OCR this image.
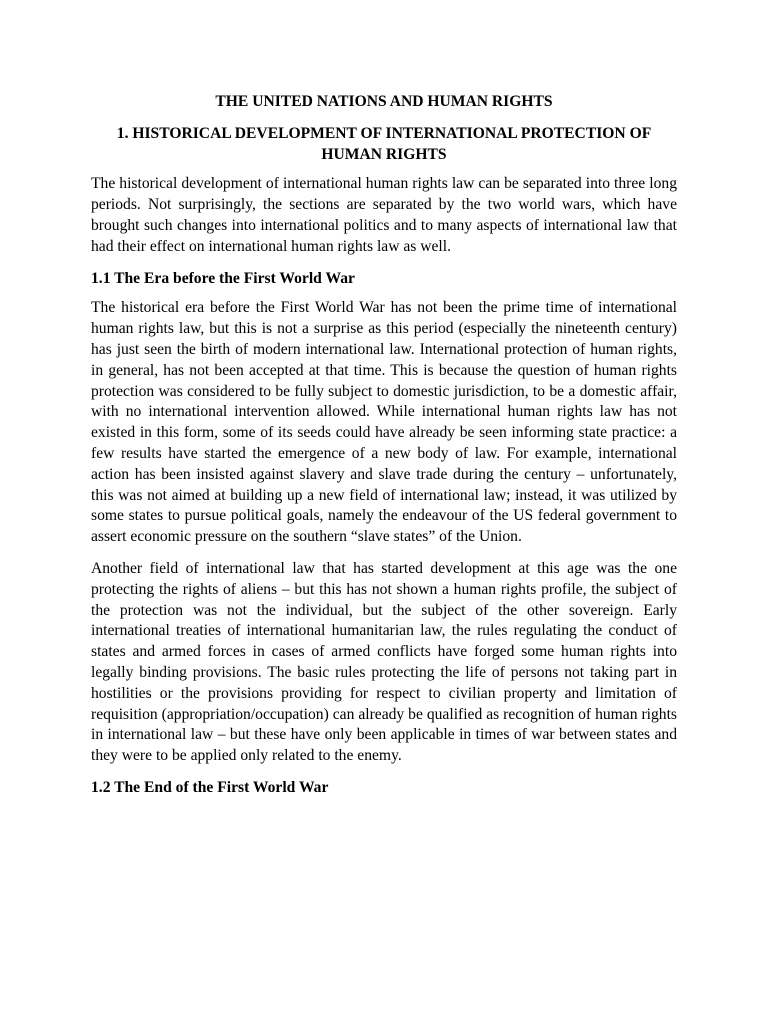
THE UNITED NATIONS AND HUMAN RIGHTS
1. HISTORICAL DEVELOPMENT OF INTERNATIONAL PROTECTION OF HUMAN RIGHTS

The historical development of international human rights law can be separated into three long periods. Not surprisingly, the sections are separated by the two world wars, which have brought such changes into international politics and to many aspects of international law that had their effect on international human rights law as well.

1.1 The Era before the First World War

The historical era before the First World War has not been the prime time of international human rights law, but this is not a surprise as this period (especially the nineteenth century) has just seen the birth of modern international law. International protection of human rights, in general, has not been accepted at that time. This is because the question of human rights protection was considered to be fully subject to domestic jurisdiction, to be a domestic affair, with no international intervention allowed. While international human rights law has not existed in this form, some of its seeds could have already be seen informing state practice: a few results have started the emergence of a new body of law. For example, international action has been insisted against slavery and slave trade during the century – unfortunately, this was not aimed at building up a new field of international law; instead, it was utilized by some states to pursue political goals, namely the endeavour of the US federal government to assert economic pressure on the southern “slave states” of the Union.

Another field of international law that has started development at this age was the one protecting the rights of aliens – but this has not shown a human rights profile, the subject of the protection was not the individual, but the subject of the other sovereign. Early international treaties of international humanitarian law, the rules regulating the conduct of states and armed forces in cases of armed conflicts have forged some human rights into legally binding provisions. The basic rules protecting the life of persons not taking part in hostilities or the provisions providing for respect to civilian property and limitation of requisition (appropriation/occupation) can already be qualified as recognition of human rights in international law – but these have only been applicable in times of war between states and they were to be applied only related to the enemy.

1.2 The End of the First World War
